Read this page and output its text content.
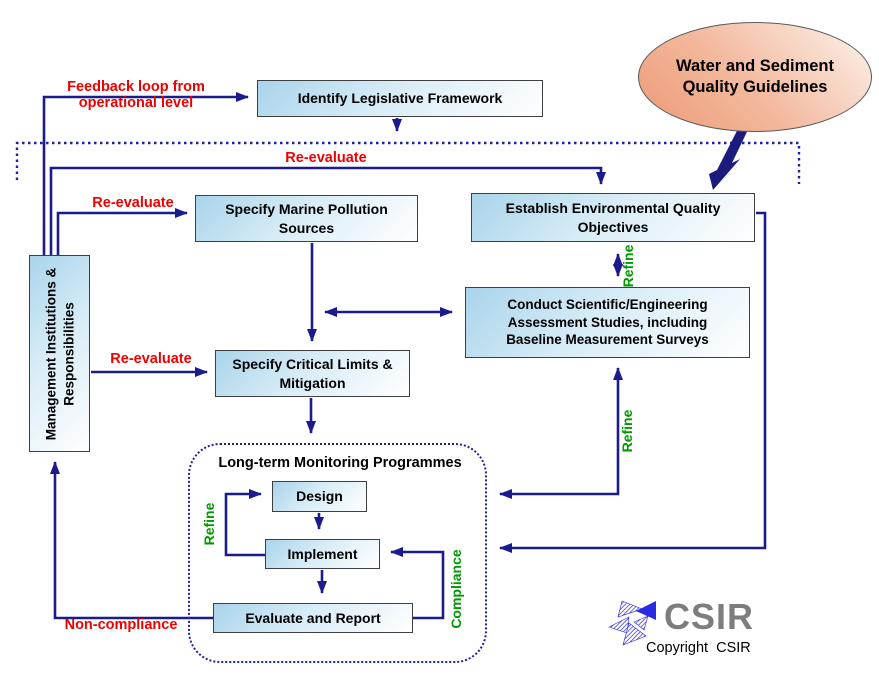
Water and Sediment Quality Guidelines
Identify Legislative Framework
Specify Marine Pollution Sources
Establish Environmental Quality Objectives
Conduct Scientific/Engineering Assessment Studies, including Baseline Measurement Surveys
Specify Critical Limits & Mitigation
Management Institutions & Responsibilities
Long-term Monitoring Programmes
Design
Implement
Evaluate and Report
Feedback loop from operational level
Re-evaluate
Re-evaluate
Re-evaluate
Non-compliance
Refine
Refine
Refine
Compliance	CSIR
Copyright  CSIR
